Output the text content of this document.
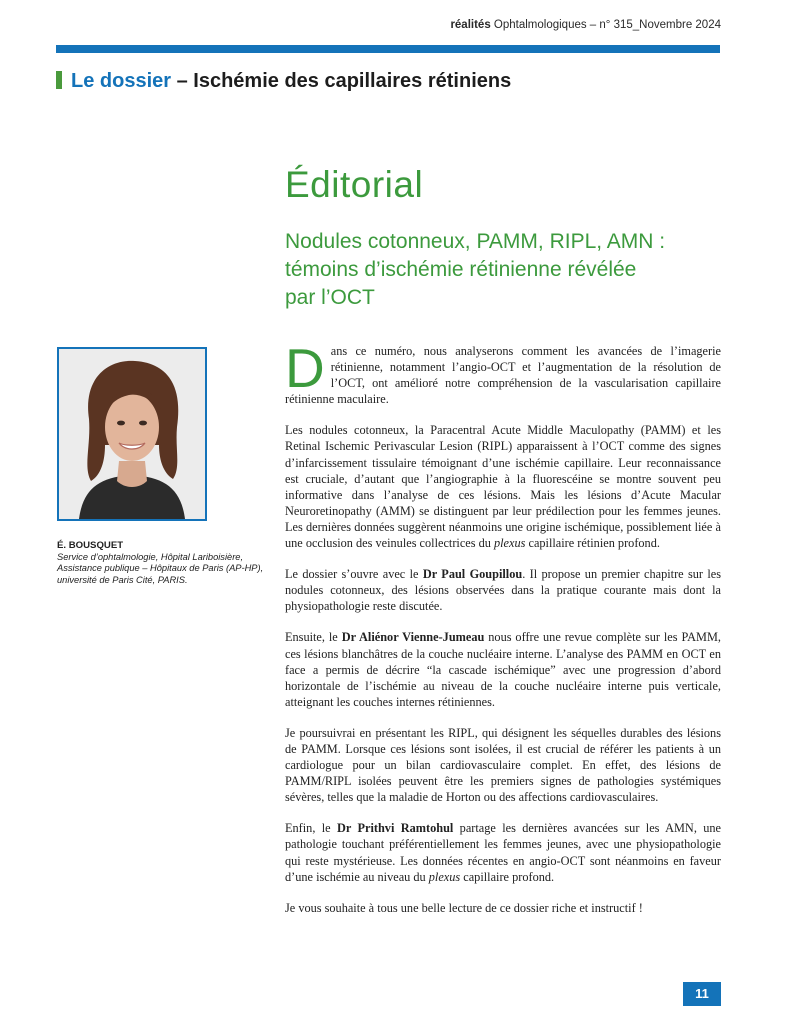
réalités Ophtalmologiques – n° 315_Novembre 2024
Le dossier – Ischémie des capillaires rétiniens
Éditorial
Nodules cotonneux, PAMM, RIPL, AMN :
témoins d’ischémie rétinienne révélée
par l’OCT
É. BOUSQUET
Service d’ophtalmologie, Hôpital Lariboisière,
Assistance publique – Hôpitaux de Paris (AP-HP),
université de Paris Cité, PARIS.

Dans ce numéro, nous analyserons comment les avancées de l’imagerie rétinienne, notamment l’angio-OCT et l’augmentation de la résolution de l’OCT, ont amélioré notre compréhension de la vascularisation capillaire rétinienne maculaire.

Les nodules cotonneux, la Paracentral Acute Middle Maculopathy (PAMM) et les Retinal Ischemic Perivascular Lesion (RIPL) apparaissent à l’OCT comme des signes d’infarcissement tissulaire témoignant d’une ischémie capillaire. Leur reconnaissance est cruciale, d’autant que l’angiographie à la fluorescéine se montre souvent peu informative dans l’analyse de ces lésions. Mais les lésions d’Acute Macular Neuroretinopathy (AMM) se distinguent par leur prédilection pour les femmes jeunes. Les dernières données suggèrent néanmoins une origine ischémique, possiblement liée à une occlusion des veinules collectrices du plexus capillaire rétinien profond.

Le dossier s’ouvre avec le Dr Paul Goupillou. Il propose un premier chapitre sur les nodules cotonneux, des lésions observées dans la pratique courante mais dont la physiopathologie reste discutée.

Ensuite, le Dr Aliénor Vienne-Jumeau nous offre une revue complète sur les PAMM, ces lésions blanchâtres de la couche nucléaire interne. L’analyse des PAMM en OCT en face a permis de décrire “la cascade ischémique” avec une progression d’abord horizontale de l’ischémie au niveau de la couche nucléaire interne puis verticale, atteignant les couches internes rétiniennes.

Je poursuivrai en présentant les RIPL, qui désignent les séquelles durables des lésions de PAMM. Lorsque ces lésions sont isolées, il est crucial de référer les patients à un cardiologue pour un bilan cardiovasculaire complet. En effet, des lésions de PAMM/RIPL isolées peuvent être les premiers signes de pathologies systémiques sévères, telles que la maladie de Horton ou des affections cardiovasculaires.

Enfin, le Dr Prithvi Ramtohul partage les dernières avancées sur les AMN, une pathologie touchant préférentiellement les femmes jeunes, avec une physiopathologie qui reste mystérieuse. Les données récentes en angio-OCT sont néanmoins en faveur d’une ischémie au niveau du plexus capillaire profond.

Je vous souhaite à tous une belle lecture de ce dossier riche et instructif !

11
